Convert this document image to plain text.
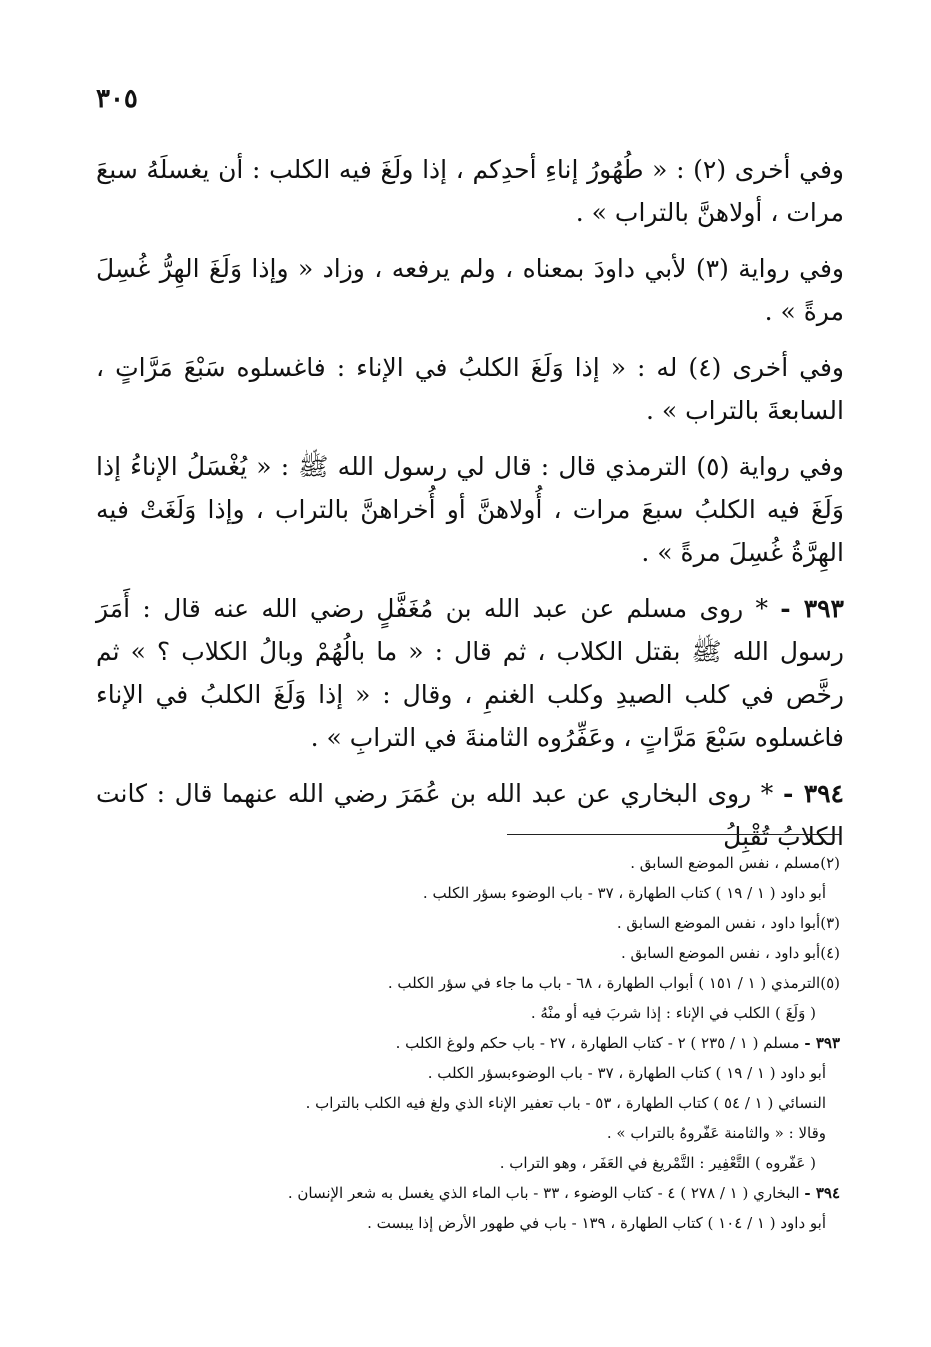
٣٠٥

وفي أخرى (٢) : « طُهُورُ إناءِ أحدِكم ، إذا ولَغَ فيه الكلب : أن يغسلَهُ سبعَ مرات ، أولاهنَّ بالتراب » .

وفي رواية (٣) لأبي داودَ بمعناه ، ولم يرفعه ، وزاد « وإذا وَلَغَ الهِرُّ غُسِلَ مرةً » .

وفي أخرى (٤) له : « إذا وَلَغَ الكلبُ في الإناء : فاغسلوه سَبْعَ مَرَّاتٍ ، السابعةَ بالتراب » .

وفي رواية (٥) الترمذي قال : قال لي رسول الله ﷺ : « يُغْسَلُ الإناءُ إذا وَلَغَ فيه الكلبُ سبعَ مرات ، أُولاهنَّ أو أُخراهنَّ بالتراب ، وإذا وَلَغَتْ فيه الهِرَّةُ غُسِلَ مرةً » .

٣٩٣ - * روى مسلم عن عبد الله بن مُغَفَّلٍ رضي الله عنه قال : أَمَرَ رسول الله ﷺ بقتل الكلاب ، ثم قال : « ما بالُهُمْ وبالُ الكلاب ؟ » ثم رخَّص في كلب الصيدِ وكلب الغنمِ ، وقال : « إذا وَلَغَ الكلبُ في الإناء فاغسلوه سَبْعَ مَرَّاتٍ ، وعَفِّرُوه الثامنةَ في الترابِ » .

٣٩٤ - * روى البخاري عن عبد الله بن عُمَرَ رضي الله عنهما قال : كانت الكلابُ تُقْبِلُ

(٢)مسلم ، نفس الموضع السابق .
أبو داود ( ١ / ١٩ ) كتاب الطهارة ، ٣٧ - باب الوضوء بسؤر الكلب .
(٣)أبوا داود ، نفس الموضع السابق .
(٤)أبو داود ، نفس الموضع السابق .
(٥)الترمذي ( ١ / ١٥١ ) أبواب الطهارة ، ٦٨ - باب ما جاء في سؤر الكلب .
( وَلَغَ ) الكلب في الإناء : إذا شربَ فيه أو منْهُ .
٣٩٣ - مسلم ( ١ / ٢٣٥ ) ٢ - كتاب الطهارة ، ٢٧ - باب حكم ولوغ الكلب .
أبو داود ( ١ / ١٩ ) كتاب الطهارة ، ٣٧ - باب الوضوءبسؤر الكلب .
النسائي ( ١ / ٥٤ ) كتاب الطهارة ، ٥٣ - باب تعفير الإناء الذي ولغ فيه الكلب بالتراب .
وقالا : « والثامنة عَفّروهُ بالتراب » .
( عَفّروه ) التَّعْفِير : التَّمْريغ في العَفَر ، وهو التراب .
٣٩٤ - البخاري ( ١ / ٢٧٨ ) ٤ - كتاب الوضوء ، ٣٣ - باب الماء الذي يغسل به شعر الإنسان .
أبو داود ( ١ / ١٠٤ ) كتاب الطهارة ، ١٣٩ - باب في طهور الأرض إذا يبست .
